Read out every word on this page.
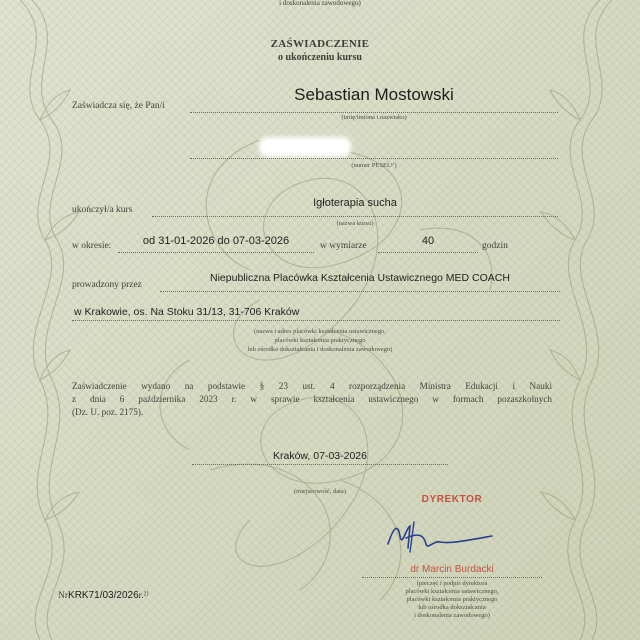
i doskonalenia zawodowego)
ZAŚWIADCZENIE
o ukończeniu kursu
Zaświadcza się, że Pan/i
Sebastian Mostowski
(imię/imiona i nazwisko)
(numer PESEL¹⁾)
ukończył/a kurs
Igłoterapia sucha
(nazwa kursu)
w okresie:	od 31-01-2026 do 07-03-2026	w wymiarze	40	godzin
prowadzony przez
Niepubliczna Placówka Kształcenia Ustawicznego MED COACH
w Krakowie, os. Na Stoku 31/13, 31-706 Kraków
(nazwa i adres placówki kształcenia ustawicznego,
placówki kształcenia praktycznego
lub ośrodka dokształcania i doskonalenia zawodowego)
Zaświadczenie wydano na podstawie § 23 ust. 4 rozporządzenia Ministra Edukacji i Nauki
z dnia 6 października 2023 r. w sprawie kształcenia ustawicznego w formach pozaszkolnych
(Dz. U. poz. 2175).
Kraków, 07-03-2026
(miejscowość, data)
NrKRK71/03/2026r.²⁾
DYREKTOR
dr Marcin Burdacki
(pieczęć i podpis dyrektora
placówki kształcenia ustawicznego,
placówki kształcenia praktycznego
lub ośrodka dokształcania
i doskonalenia zawodowego)
